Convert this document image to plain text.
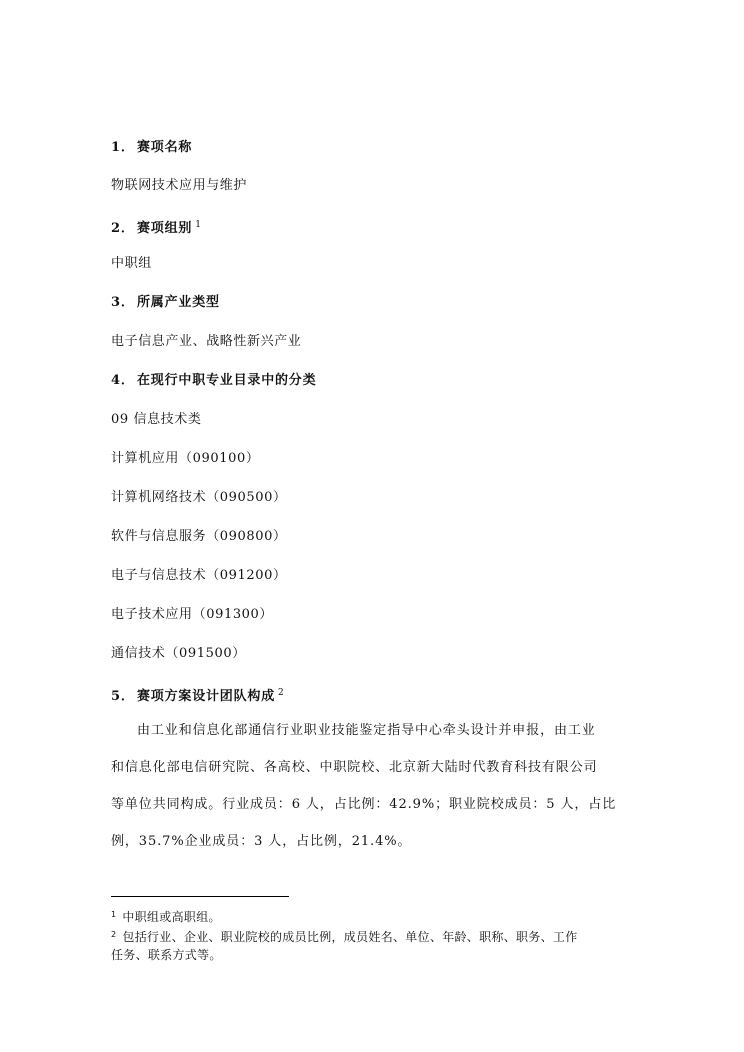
1． 赛项名称
物联网技术应用与维护
2． 赛项组别 $^1$
中职组
3． 所属产业类型
电子信息产业、战略性新兴产业
4． 在现行中职专业目录中的分类
09 信息技术类
计算机应用（090100）
计算机网络技术（090500）
软件与信息服务（090800）
电子与信息技术（091200）
电子技术应用（091300）
通信技术（091500）
5． 赛项方案设计团队构成 $^2$
由工业和信息化部通信行业职业技能鉴定指导中心牵头设计并申报，由工业
和信息化部电信研究院、各高校、中职院校、北京新大陆时代教育科技有限公司
等单位共同构成。行业成员：6 人，占比例：42.9%；职业院校成员：5 人，占比
例，35.7%企业成员：3 人，占比例，21.4%。
$^1$ 中职组或高职组。
$^2$ 包括行业、企业、职业院校的成员比例，成员姓名、单位、年龄、职称、职务、工作
任务、联系方式等。
